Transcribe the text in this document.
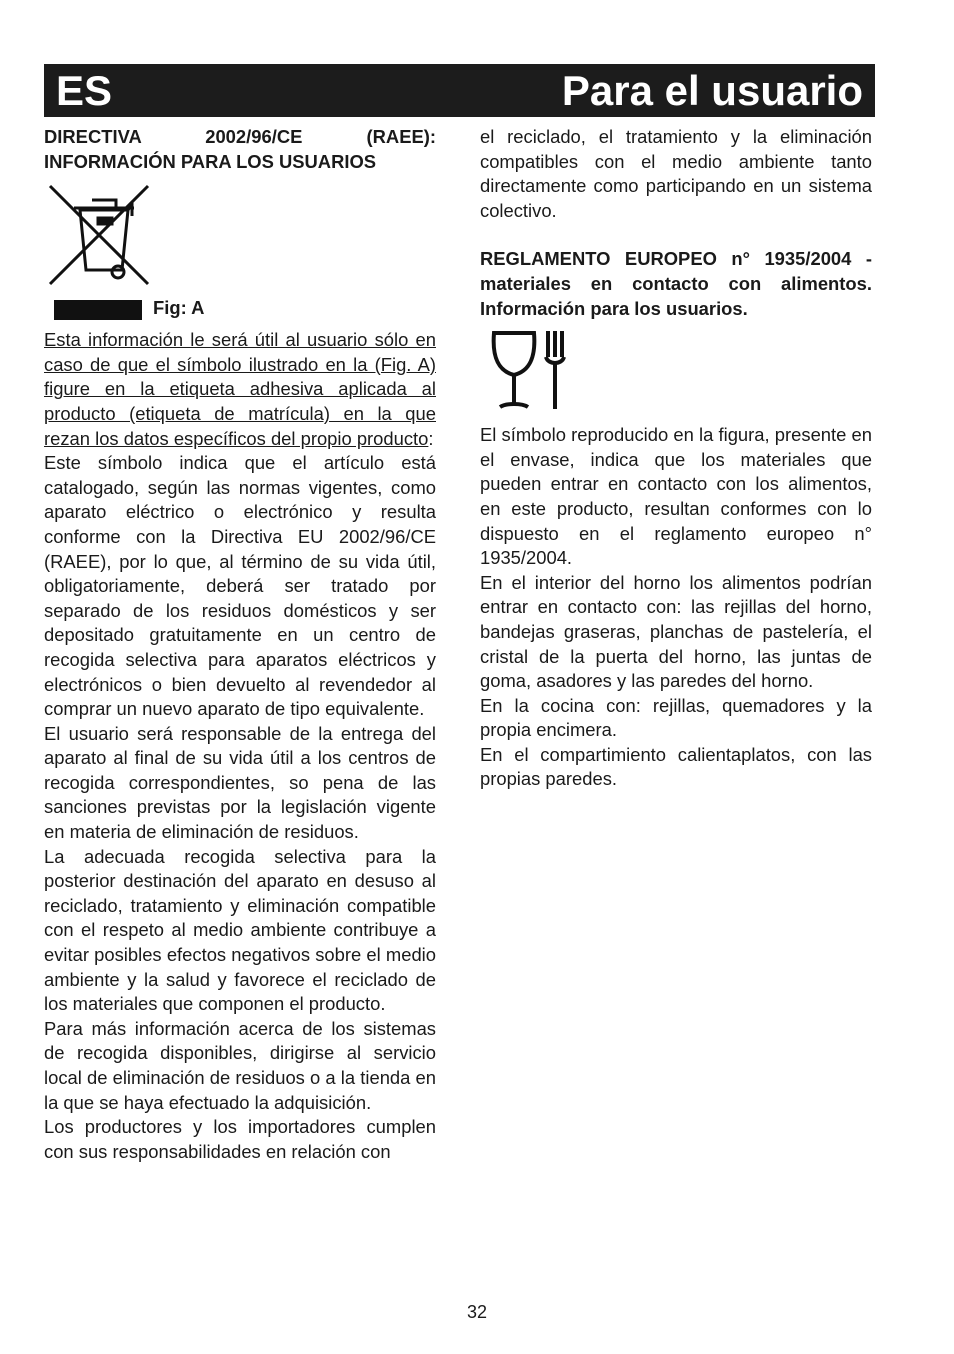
ES	Para el usuario

DIRECTIVA 2002/96/CE (RAEE): INFORMACIÓN PARA LOS USUARIOS

Fig: A

Esta información le será útil al usuario sólo en caso de que el símbolo ilustrado en la (Fig. A) figure en la etiqueta adhesiva aplicada al producto (etiqueta de matrícula) en la que rezan los datos específicos del propio producto:

Este símbolo indica que el artículo está catalogado, según las normas vigentes, como aparato eléctrico o electrónico y resulta conforme con la Directiva EU 2002/96/CE (RAEE), por lo que, al término de su vida útil, obligatoriamente, deberá ser tratado por separado de los residuos domésticos y ser depositado gratuitamente en un centro de recogida selectiva para aparatos eléctricos y electrónicos o bien devuelto al revendedor al comprar un nuevo aparato de tipo equivalente.

El usuario será responsable de la entrega del aparato al final de su vida útil a los centros de recogida correspondientes, so pena de las sanciones previstas por la legislación vigente en materia de eliminación de residuos.

La adecuada recogida selectiva para la posterior destinación del aparato en desuso al reciclado, tratamiento y eliminación compatible con el respeto al medio ambiente contribuye a evitar posibles efectos negativos sobre el medio ambiente y la salud y favorece el reciclado de los materiales que componen el producto.

Para más información acerca de los sistemas de recogida disponibles, dirigirse al servicio local de eliminación de residuos o a la tienda en la que se haya efectuado la adquisición.

Los productores y los importadores cumplen con sus responsabilidades en relación con

el reciclado, el tratamiento y la eliminación compatibles con el medio ambiente tanto directamente como participando en un sistema colectivo.

REGLAMENTO EUROPEO n° 1935/2004 - materiales en contacto con alimentos. Información para los usuarios.

El símbolo reproducido en la figura, presente en el envase, indica que los materiales que pueden entrar en contacto con los alimentos, en este producto, resultan conformes con lo dispuesto en el reglamento europeo n° 1935/2004.

En el interior del horno los alimentos podrían entrar en contacto con: las rejillas del horno, bandejas graseras, planchas de pastelería, el cristal de la puerta del horno, las juntas de goma, asadores y las paredes del horno.

En la cocina con: rejillas, quemadores y la propia encimera.

En el compartimiento calientaplatos, con las propias paredes.

32
